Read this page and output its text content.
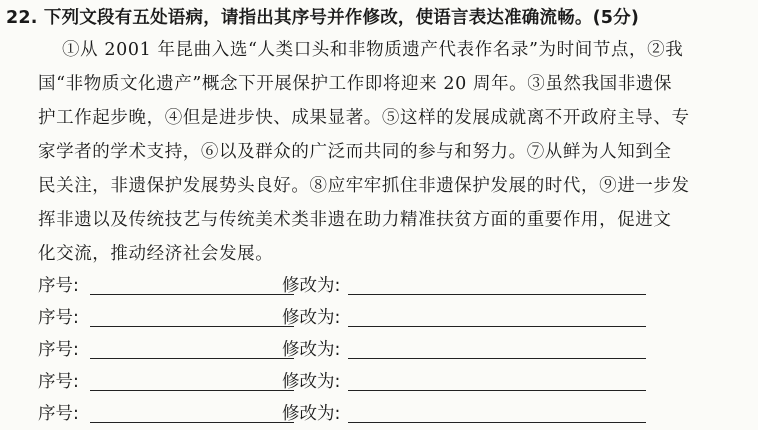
22. 下列文段有五处语病，请指出其序号并作修改，使语言表达准确流畅。(5分)
①从 2001 年昆曲入选“人类口头和非物质遗产代表作名录”为时间节点，②我
国“非物质文化遗产”概念下开展保护工作即将迎来 20 周年。③虽然我国非遗保
护工作起步晚，④但是进步快、成果显著。⑤这样的发展成就离不开政府主导、专
家学者的学术支持，⑥以及群众的广泛而共同的参与和努力。⑦从鲜为人知到全
民关注，非遗保护发展势头良好。⑧应牢牢抓住非遗保护发展的时代，⑨进一步发
挥非遗以及传统技艺与传统美术类非遗在助力精准扶贫方面的重要作用，促进文
化交流，推动经济社会发展。
序号:	修改为:
序号:	修改为:
序号:	修改为:
序号:	修改为:
序号:	修改为:
